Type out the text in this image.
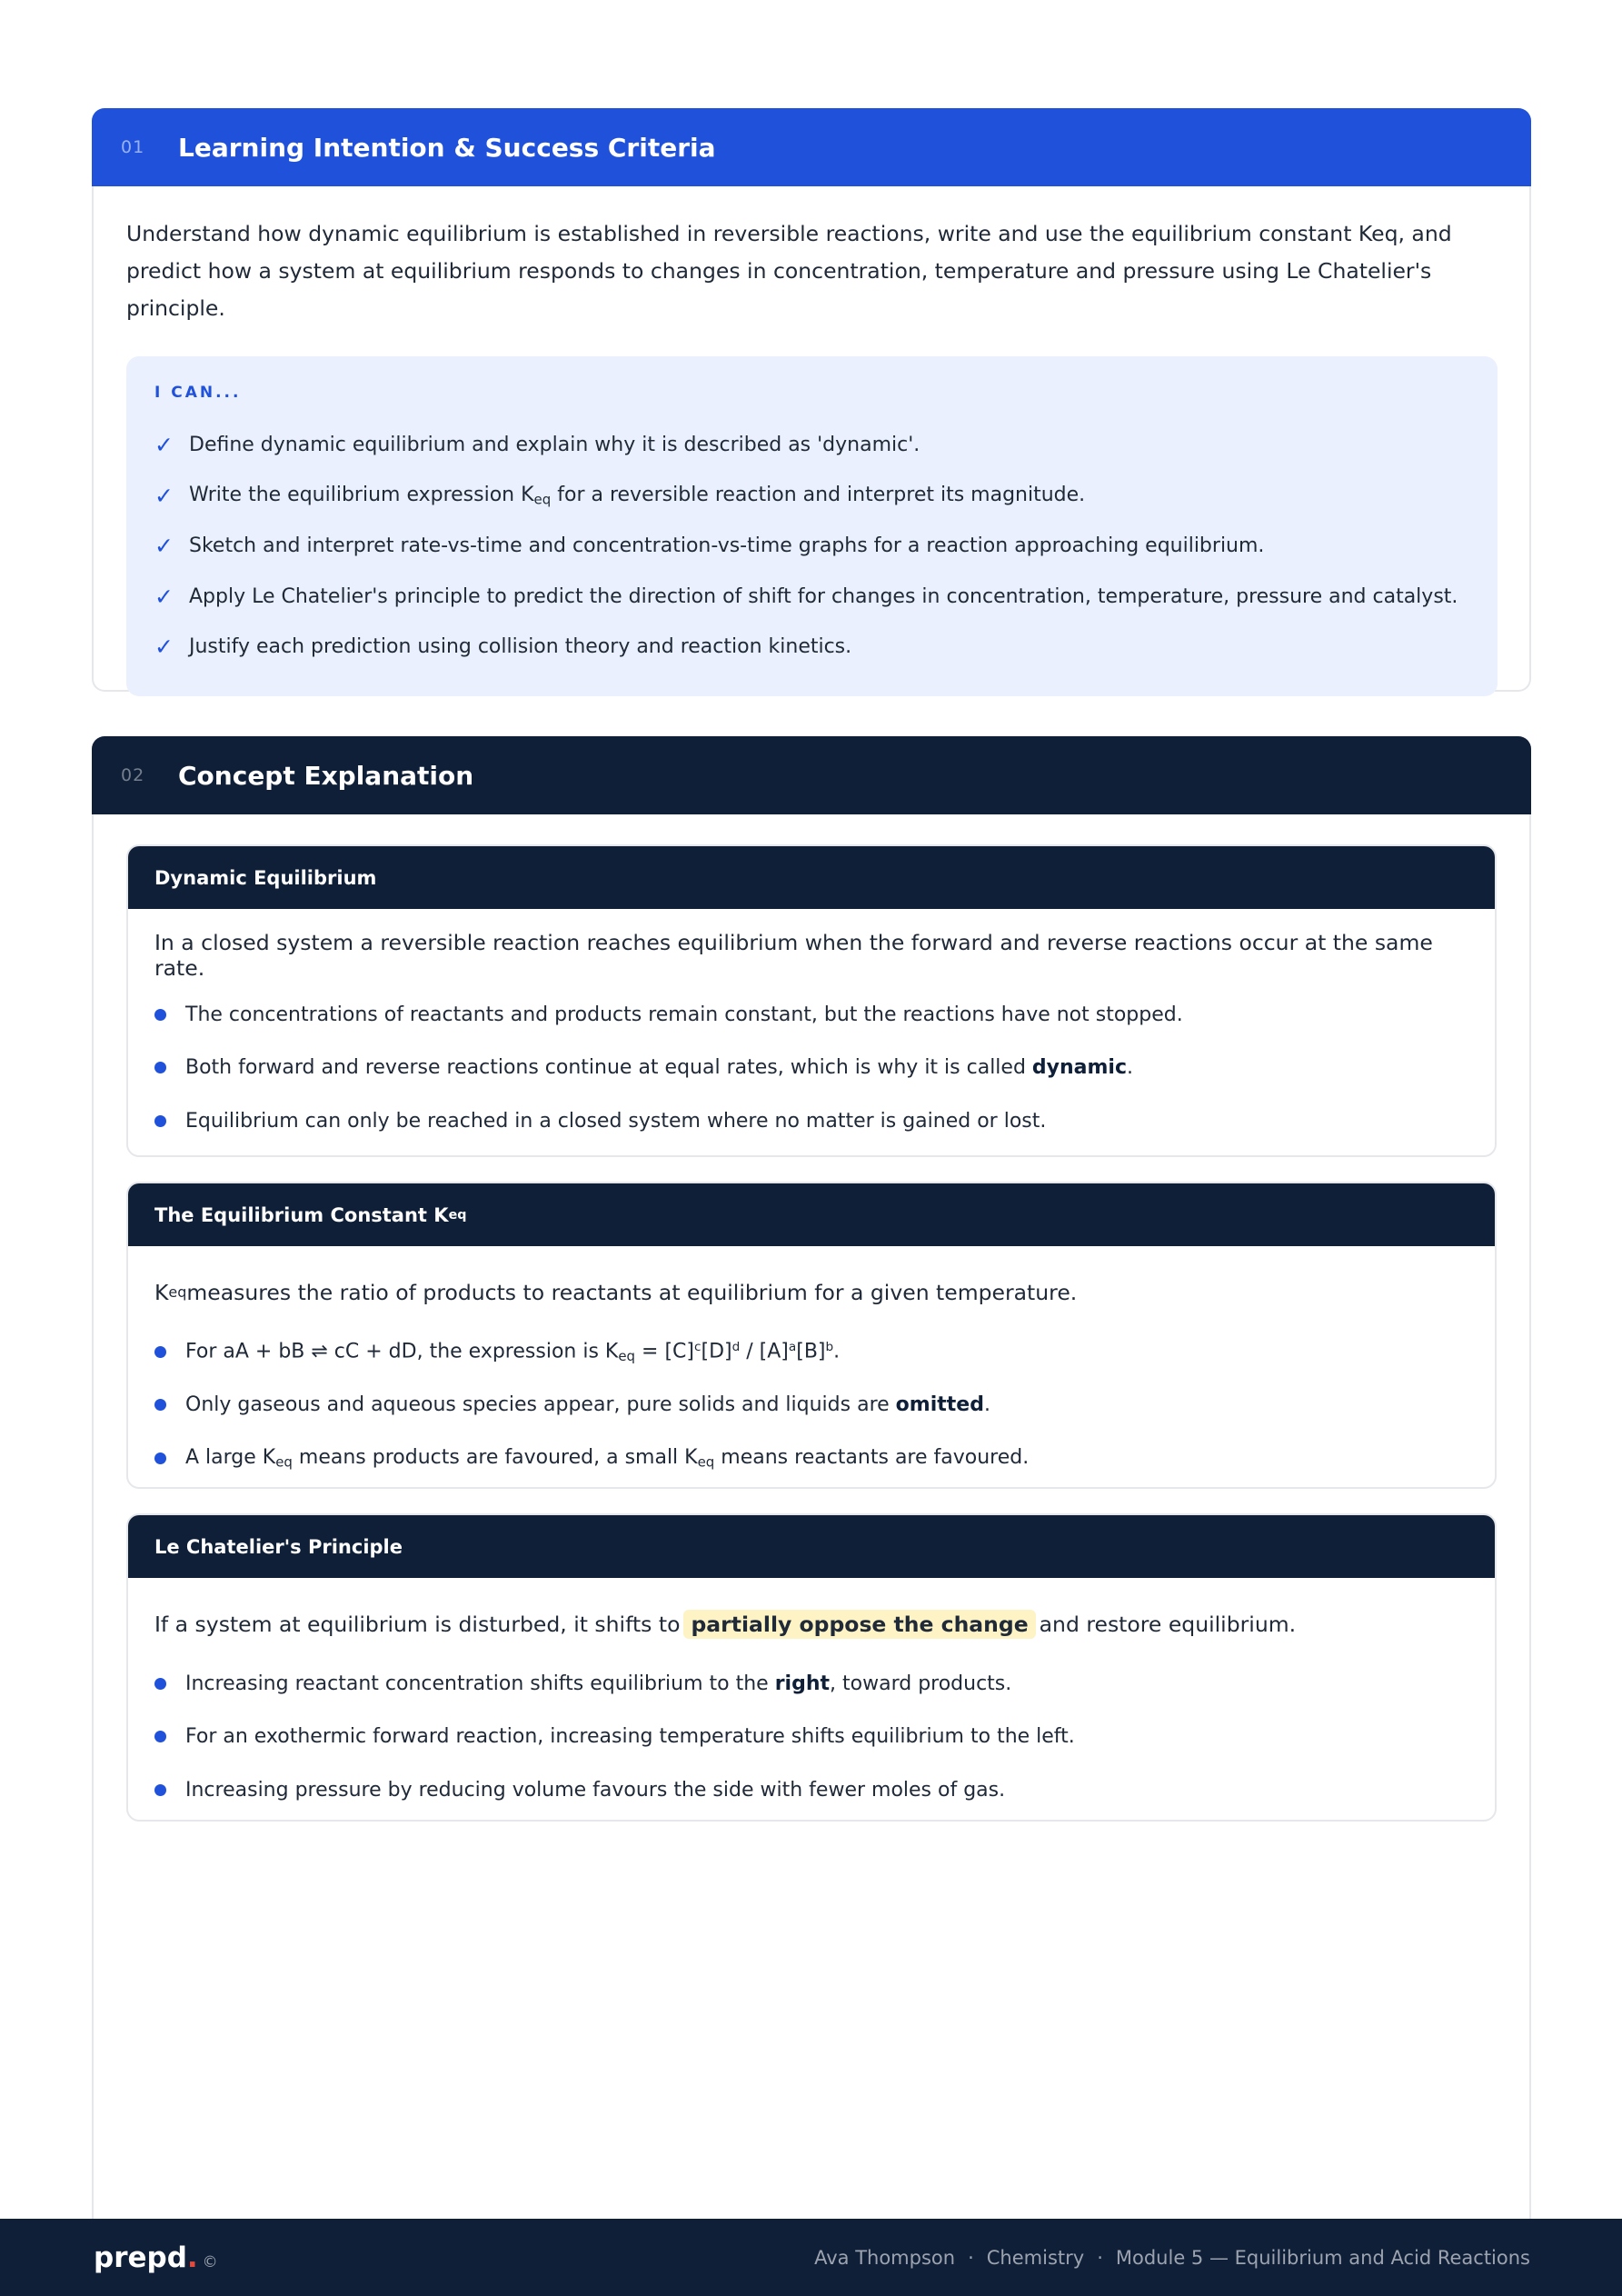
01	Learning Intention & Success Criteria

Understand how dynamic equilibrium is established in reversible reactions, write and use the equilibrium constant Keq, and predict how a system at equilibrium responds to changes in concentration, temperature and pressure using Le Chatelier's principle.

I CAN...
✓ Define dynamic equilibrium and explain why it is described as 'dynamic'.
✓ Write the equilibrium expression $K_{eq}$ for a reversible reaction and interpret its magnitude.
✓ Sketch and interpret rate-vs-time and concentration-vs-time graphs for a reaction approaching equilibrium.
✓ Apply Le Chatelier's principle to predict the direction of shift for changes in concentration, temperature, pressure and catalyst.
✓ Justify each prediction using collision theory and reaction kinetics.
02	Concept Explanation
Dynamic Equilibrium

In a closed system a reversible reaction reaches equilibrium when the forward and reverse reactions occur at the same rate.

The concentrations of reactants and products remain constant, but the reactions have not stopped.
Both forward and reverse reactions continue at equal rates, which is why it is called dynamic.
Equilibrium can only be reached in a closed system where no matter is gained or lost.
The Equilibrium Constant K eq

K eq measures the ratio of products to reactants at equilibrium for a given temperature.

For aA + bB ⇌ cC + dD, the expression is $K_{eq} = [C]^c[D]^d / [A]^a[B]^b$.
Only gaseous and aqueous species appear, pure solids and liquids are omitted.
A large $K_{eq}$ means products are favoured, a small $K_{eq}$ means reactants are favoured.
Le Chatelier's Principle

If a system at equilibrium is disturbed, it shifts to partially oppose the change and restore equilibrium.

Increasing reactant concentration shifts equilibrium to the right, toward products.
For an exothermic forward reaction, increasing temperature shifts equilibrium to the left.
Increasing pressure by reducing volume favours the side with fewer moles of gas.
prepd . ©	Ava Thompson · Chemistry · Module 5 — Equilibrium and Acid Reactions
